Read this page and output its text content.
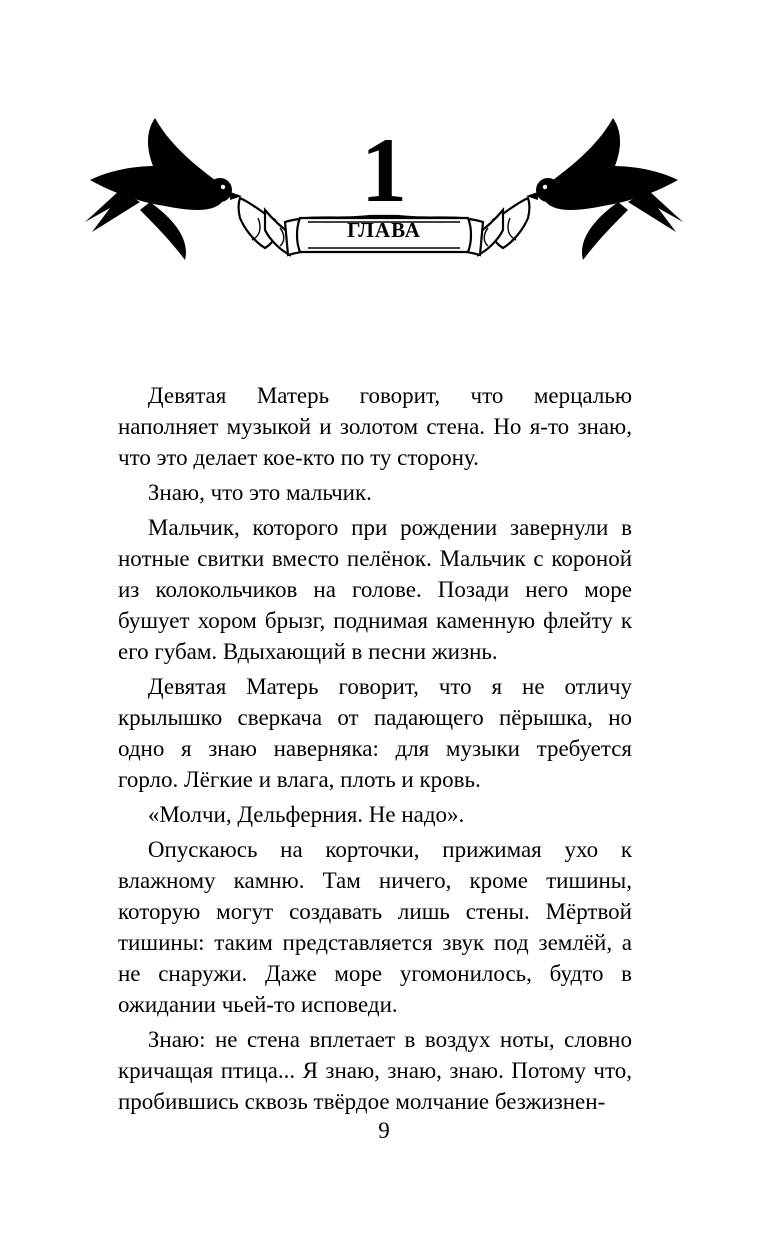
1
ГЛАВА

Девятая Матерь говорит, что мерцалью наполняет музыкой и золотом стена. Но я-то знаю, что это делает кое-кто по ту сторону.

Знаю, что это мальчик.

Мальчик, которого при рождении завернули в нотные свитки вместо пелёнок. Мальчик с короной из колокольчиков на голове. Позади него море бушует хором брызг, поднимая каменную флейту к его губам. Вдыхающий в песни жизнь.

Девятая Матерь говорит, что я не отличу крылышко сверкача от падающего пёрышка, но одно я знаю наверняка: для музыки требуется горло. Лёгкие и влага, плоть и кровь.

«Молчи, Дельферния. Не надо».

Опускаюсь на корточки, прижимая ухо к влажному камню. Там ничего, кроме тишины, которую могут создавать лишь стены. Мёртвой тишины: таким представляется звук под землёй, а не снаружи. Даже море угомонилось, будто в ожидании чьей-то исповеди.

Знаю: не стена вплетает в воздух ноты, словно кричащая птица... Я знаю, знаю, знаю. Потому что, пробившись сквозь твёрдое молчание безжизнен-

9
